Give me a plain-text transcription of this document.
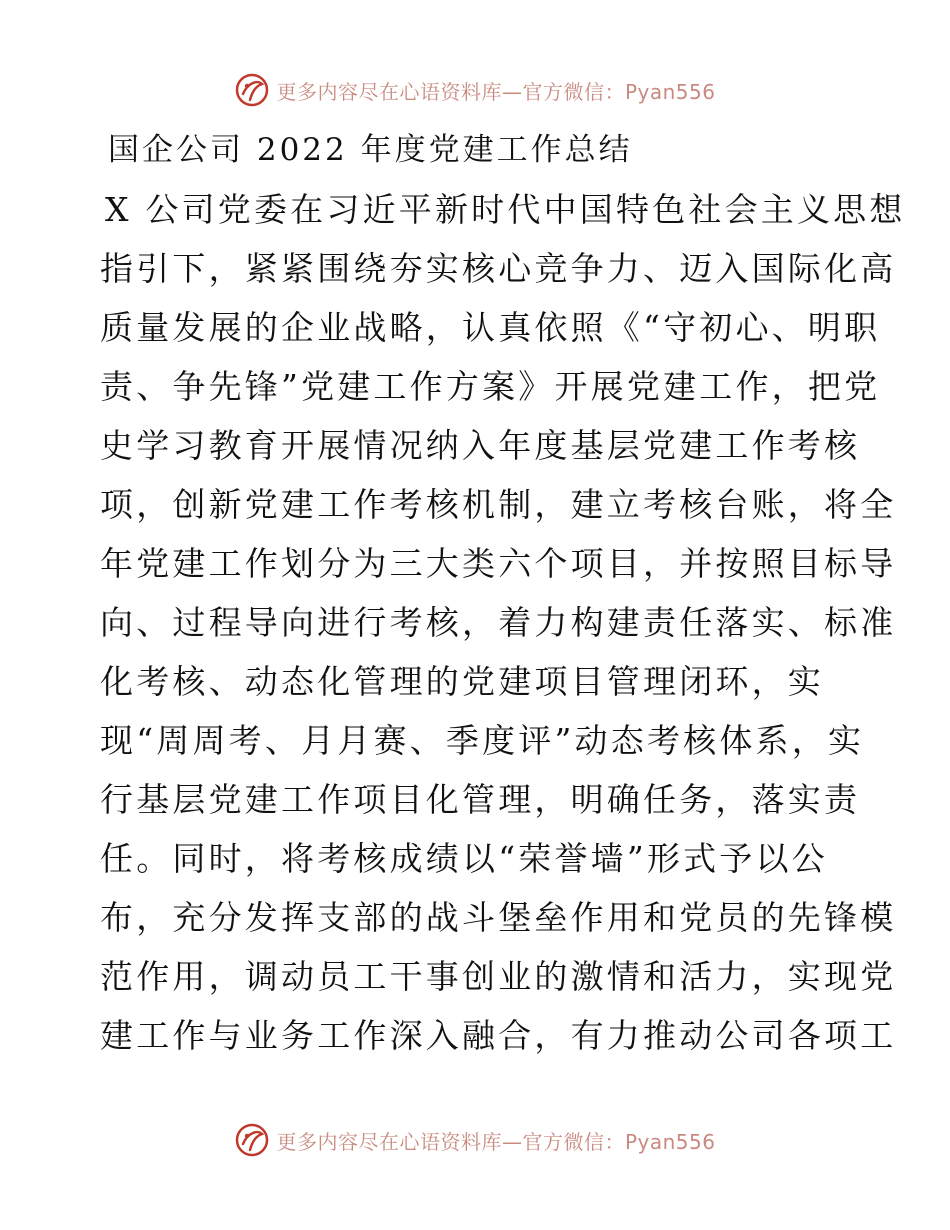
更多内容尽在心语资料库—官方微信：Pyan556
国企公司 2022 年度党建工作总结
X 公司党委在习近平新时代中国特色社会主义思想
指引下，紧紧围绕夯实核心竞争力、迈入国际化高
质量发展的企业战略，认真依照《“守初心、明职
责、争先锋”党建工作方案》开展党建工作，把党
史学习教育开展情况纳入年度基层党建工作考核
项，创新党建工作考核机制，建立考核台账，将全
年党建工作划分为三大类六个项目，并按照目标导
向、过程导向进行考核，着力构建责任落实、标准
化考核、动态化管理的党建项目管理闭环，实
现“周周考、月月赛、季度评”动态考核体系，实
行基层党建工作项目化管理，明确任务，落实责
任。同时，将考核成绩以“荣誉墙”形式予以公
布，充分发挥支部的战斗堡垒作用和党员的先锋模
范作用，调动员工干事创业的激情和活力，实现党
建工作与业务工作深入融合，有力推动公司各项工
更多内容尽在心语资料库—官方微信：Pyan556
